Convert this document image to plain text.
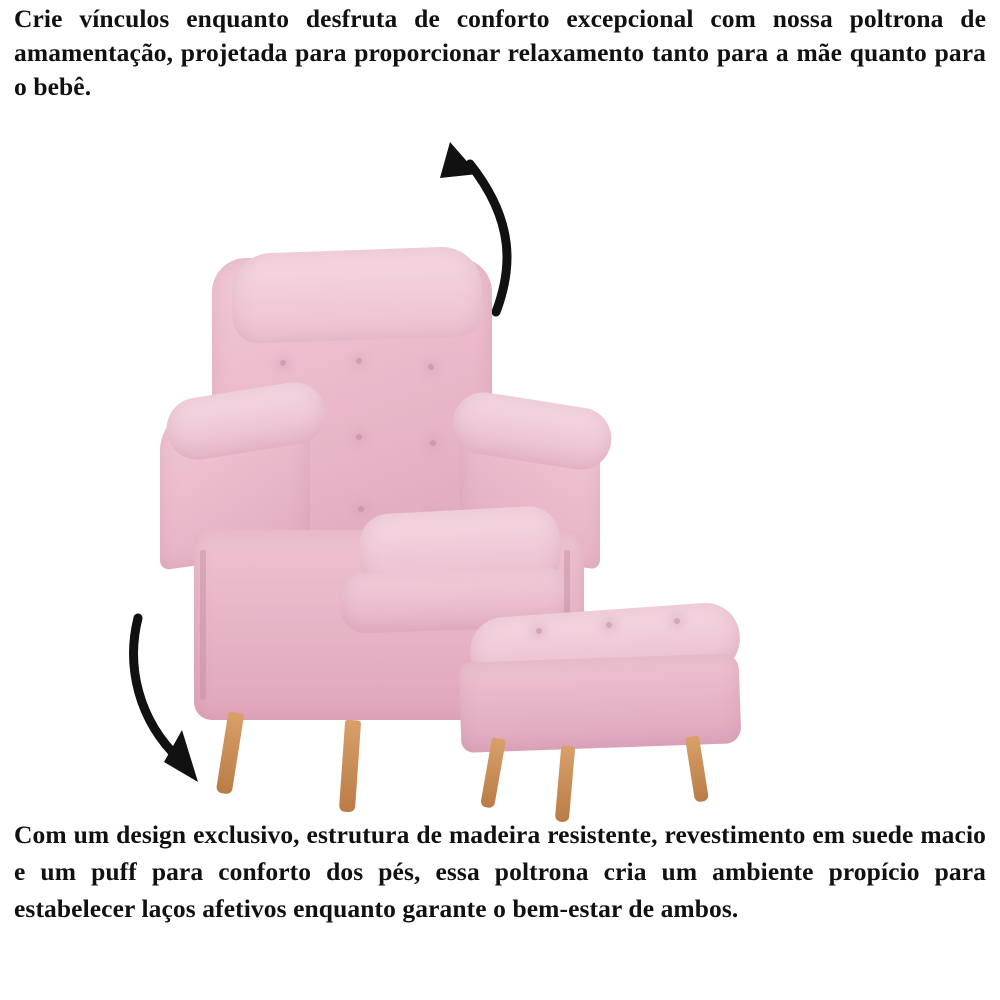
Crie vínculos enquanto desfruta de conforto excepcional com nossa poltrona de amamentação, projetada para proporcionar relaxamento tanto para a mãe quanto para o bebê.
Com um design exclusivo, estrutura de madeira resistente, revestimento em suede macio e um puff para conforto dos pés, essa poltrona cria um ambiente propício para estabelecer laços afetivos enquanto garante o bem-estar de ambos.
